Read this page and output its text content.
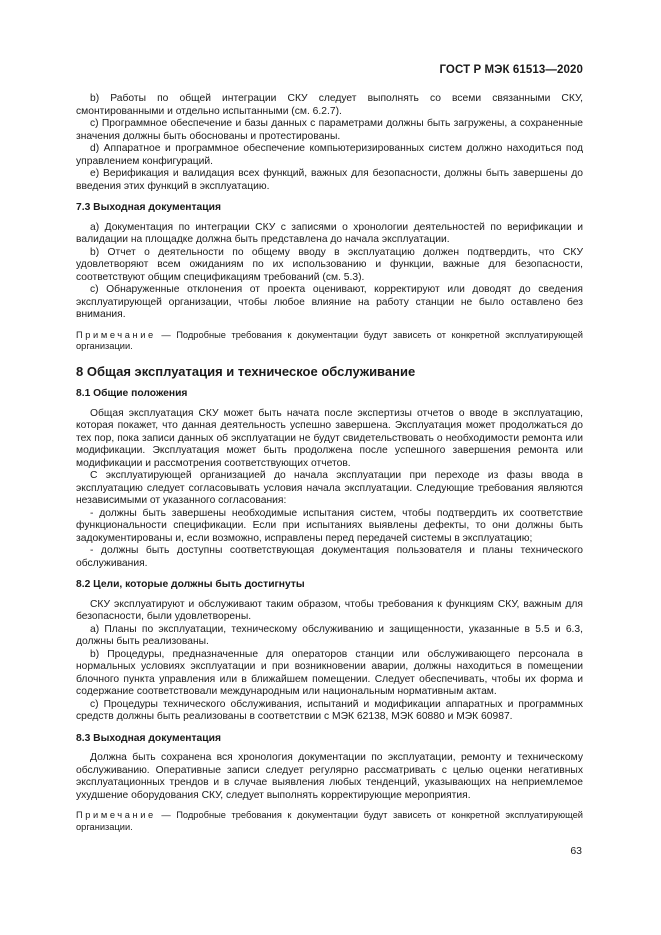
ГОСТ Р МЭК 61513—2020

b) Работы по общей интеграции СКУ следует выполнять со всеми связанными СКУ, смонтированными и отдельно испытанными (см. 6.2.7).

c) Программное обеспечение и базы данных с параметрами должны быть загружены, а сохраненные значения должны быть обоснованы и протестированы.

d) Аппаратное и программное обеспечение компьютеризированных систем должно находиться под управлением конфигураций.

e) Верификация и валидация всех функций, важных для безопасности, должны быть завершены до введения этих функций в эксплуатацию.

7.3 Выходная документация

a) Документация по интеграции СКУ с записями о хронологии деятельностей по верификации и валидации на площадке должна быть представлена до начала эксплуатации.

b) Отчет о деятельности по общему вводу в эксплуатацию должен подтвердить, что СКУ удовлетворяют всем ожиданиям по их использованию и функции, важные для безопасности, соответствуют общим спецификациям требований (см. 5.3).

c) Обнаруженные отклонения от проекта оценивают, корректируют или доводят до сведения эксплуатирующей организации, чтобы любое влияние на работу станции не было оставлено без внимания.

Примечание — Подробные требования к документации будут зависеть от конкретной эксплуатирующей организации.

8 Общая эксплуатация и техническое обслуживание
8.1 Общие положения

Общая эксплуатация СКУ может быть начата после экспертизы отчетов о вводе в эксплуатацию, которая покажет, что данная деятельность успешно завершена. Эксплуатация может продолжаться до тех пор, пока записи данных об эксплуатации не будут свидетельствовать о необходимости ремонта или модификации. Эксплуатация может быть продолжена после успешного завершения ремонта или модификации и рассмотрения соответствующих отчетов.

С эксплуатирующей организацией до начала эксплуатации при переходе из фазы ввода в эксплуатацию следует согласовывать условия начала эксплуатации. Следующие требования являются независимыми от указанного согласования:

- должны быть завершены необходимые испытания систем, чтобы подтвердить их соответствие функциональности спецификации. Если при испытаниях выявлены дефекты, то они должны быть задокументированы и, если возможно, исправлены перед передачей системы в эксплуатацию;

- должны быть доступны соответствующая документация пользователя и планы технического обслуживания.

8.2 Цели, которые должны быть достигнуты

СКУ эксплуатируют и обслуживают таким образом, чтобы требования к функциям СКУ, важным для безопасности, были удовлетворены.

a) Планы по эксплуатации, техническому обслуживанию и защищенности, указанные в 5.5 и 6.3, должны быть реализованы.

b) Процедуры, предназначенные для операторов станции или обслуживающего персонала в нормальных условиях эксплуатации и при возникновении аварии, должны находиться в помещении блочного пункта управления или в ближайшем помещении. Следует обеспечивать, чтобы их форма и содержание соответствовали международным или национальным нормативным актам.

c) Процедуры технического обслуживания, испытаний и модификации аппаратных и программных средств должны быть реализованы в соответствии с МЭК 62138, МЭК 60880 и МЭК 60987.

8.3 Выходная документация

Должна быть сохранена вся хронология документации по эксплуатации, ремонту и техническому обслуживанию. Оперативные записи следует регулярно рассматривать с целью оценки негативных эксплуатационных трендов и в случае выявления любых тенденций, указывающих на неприемлемое ухудшение оборудования СКУ, следует выполнять корректирующие мероприятия.

Примечание — Подробные требования к документации будут зависеть от конкретной эксплуатирующей организации.

63
